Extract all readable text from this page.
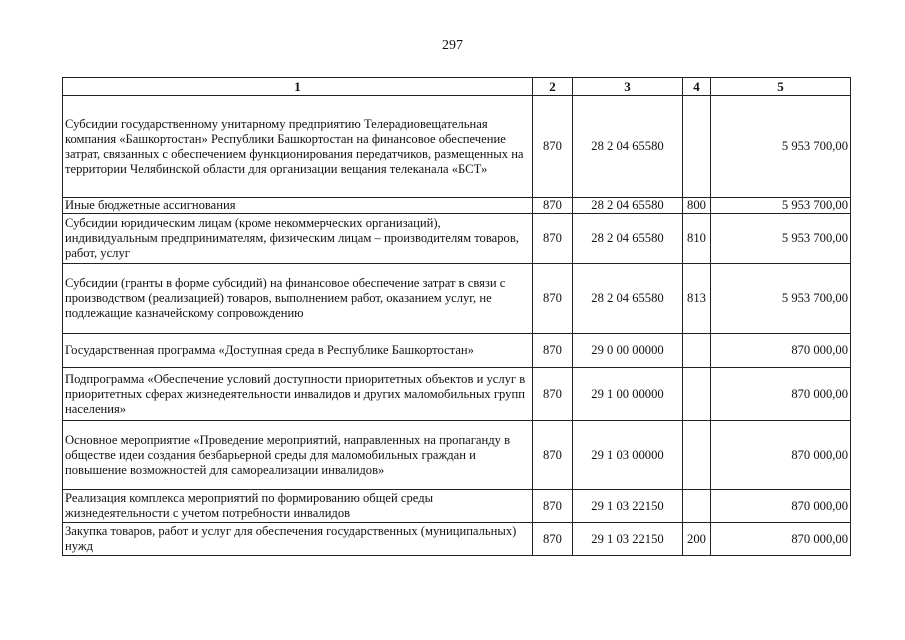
297
1	2	3	4	5
Субсидии государственному унитарному предприятию Телерадиовещательная компания «Башкортостан» Республики Башкортостан на финансовое обеспечение затрат, связанных с обеспечением функционирования передатчиков, размещенных на территории Челябинской области для организации вещания телеканала «БСТ»	870	28 2 04 65580		5 953 700,00
Иные бюджетные ассигнования	870	28 2 04 65580	800	5 953 700,00
Субсидии юридическим лицам (кроме некоммерческих организаций), индивидуальным предпринимателям, физическим лицам – производителям товаров, работ, услуг	870	28 2 04 65580	810	5 953 700,00
Субсидии (гранты в форме субсидий) на финансовое обеспечение затрат в связи с производством (реализацией) товаров, выполнением работ, оказанием услуг, не подлежащие казначейскому сопровождению	870	28 2 04 65580	813	5 953 700,00
Государственная программа «Доступная среда в Республике Башкортостан»	870	29 0 00 00000		870 000,00
Подпрограмма «Обеспечение условий доступности приоритетных объектов и услуг в приоритетных сферах жизнедеятельности инвалидов и других маломобильных групп населения»	870	29 1 00 00000		870 000,00
Основное мероприятие «Проведение мероприятий, направленных на пропаганду в обществе идеи создания безбарьерной среды для маломобильных граждан и повышение возможностей для самореализации инвалидов»	870	29 1 03 00000		870 000,00
Реализация комплекса мероприятий по формированию общей среды жизнедеятельности с учетом потребности инвалидов	870	29 1 03 22150		870 000,00
Закупка товаров, работ и услуг для обеспечения государственных (муниципальных) нужд	870	29 1 03 22150	200	870 000,00
